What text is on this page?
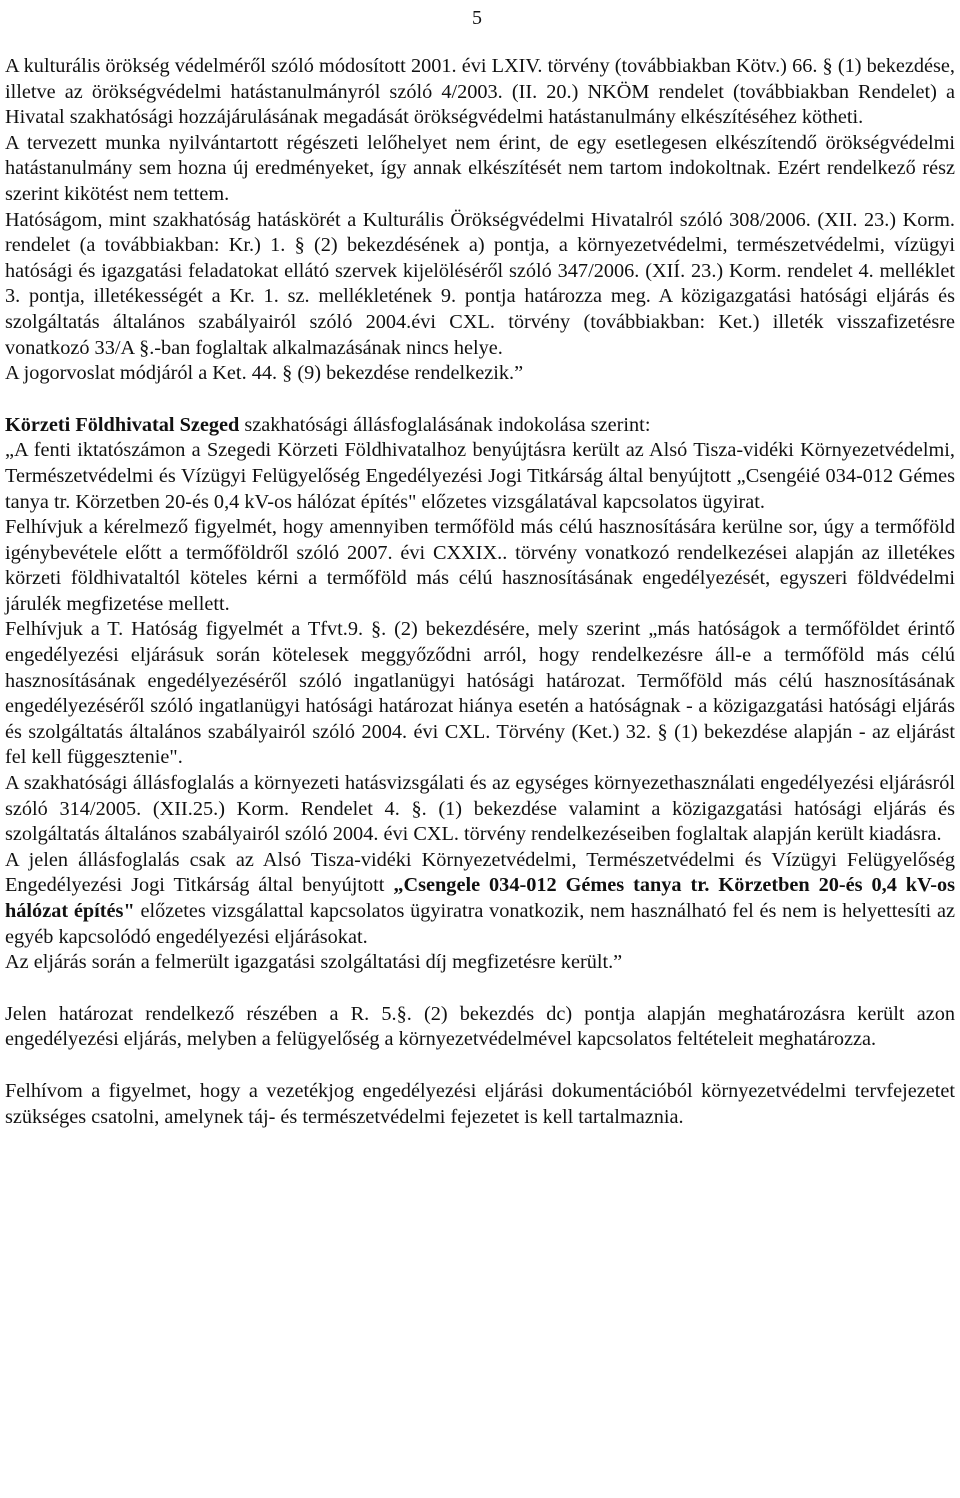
5

A kulturális örökség védelméről szóló módosított 2001. évi LXIV. törvény (továbbiakban Kötv.) 66. § (1) bekezdése, illetve az örökségvédelmi hatástanulmányról szóló 4/2003. (II. 20.) NKÖM rendelet (továbbiakban Rendelet) a Hivatal szakhatósági hozzájárulásának megadását örökségvédelmi hatástanulmány elkészítéséhez kötheti.

A tervezett munka nyilvántartott régészeti lelőhelyet nem érint, de egy esetlegesen elkészítendő örökségvédelmi hatástanulmány sem hozna új eredményeket, így annak elkészítését nem tartom indokoltnak. Ezért rendelkező rész szerint kikötést nem tettem.

Hatóságom, mint szakhatóság hatáskörét a Kulturális Örökségvédelmi Hivatalról szóló 308/2006. (XII. 23.) Korm. rendelet (a továbbiakban: Kr.) 1. § (2) bekezdésének a) pontja, a környezetvédelmi, természetvédelmi, vízügyi hatósági és igazgatási feladatokat ellátó szervek kijelöléséről szóló 347/2006. (XIÍ. 23.) Korm. rendelet 4. melléklet 3. pontja, illetékességét a Kr. 1. sz. mellékletének 9. pontja határozza meg. A közigazgatási hatósági eljárás és szolgáltatás általános szabályairól szóló 2004.évi CXL. törvény (továbbiakban: Ket.) illeték visszafizetésre vonatkozó 33/A §.-ban foglaltak alkalmazásának nincs helye.

A jogorvoslat módjáról a Ket. 44. § (9) bekezdése rendelkezik.”

Körzeti Földhivatal Szeged szakhatósági állásfoglalásának indokolása szerint:

„A fenti iktatószámon a Szegedi Körzeti Földhivatalhoz benyújtásra került az Alsó Tisza-vidéki Környezetvédelmi, Természetvédelmi és Vízügyi Felügyelőség Engedélyezési Jogi Titkárság által benyújtott „Csengéié 034-012 Gémes tanya tr. Körzetben 20-és 0,4 kV-os hálózat építés" előzetes vizsgálatával kapcsolatos ügyirat.

Felhívjuk a kérelmező figyelmét, hogy amennyiben termőföld más célú hasznosítására kerülne sor, úgy a termőföld igénybevétele előtt a termőföldről szóló 2007. évi CXXIX.. törvény vonatkozó rendelkezései alapján az illetékes körzeti földhivataltól köteles kérni a termőföld más célú hasznosításának engedélyezését, egyszeri földvédelmi járulék megfizetése mellett.

Felhívjuk a T. Hatóság figyelmét a Tfvt.9. §. (2) bekezdésére, mely szerint „más hatóságok a termőföldet érintő engedélyezési eljárásuk során kötelesek meggyőződni arról, hogy rendelkezésre áll-e a termőföld más célú hasznosításának engedélyezéséről szóló ingatlanügyi hatósági határozat. Termőföld más célú hasznosításának engedélyezéséről szóló ingatlanügyi hatósági határozat hiánya esetén a hatóságnak - a közigazgatási hatósági eljárás és szolgáltatás általános szabályairól szóló 2004. évi CXL. Törvény (Ket.) 32. § (1) bekezdése alapján - az eljárást fel kell függesztenie".

A szakhatósági állásfoglalás a környezeti hatásvizsgálati és az egységes környezethasználati engedélyezési eljárásról szóló 314/2005. (XII.25.) Korm. Rendelet 4. §. (1) bekezdése valamint a közigazgatási hatósági eljárás és szolgáltatás általános szabályairól szóló 2004. évi CXL. törvény rendelkezéseiben foglaltak alapján került kiadásra.

A jelen állásfoglalás csak az Alsó Tisza-vidéki Környezetvédelmi, Természetvédelmi és Vízügyi Felügyelőség Engedélyezési Jogi Titkárság által benyújtott „Csengele 034-012 Gémes tanya tr. Körzetben 20-és 0,4 kV-os hálózat építés" előzetes vizsgálattal kapcsolatos ügyiratra vonatkozik, nem használható fel és nem is helyettesíti az egyéb kapcsolódó engedélyezési eljárásokat.

Az eljárás során a felmerült igazgatási szolgáltatási díj megfizetésre került.”

Jelen határozat rendelkező részében a R. 5.§. (2) bekezdés dc) pontja alapján meghatározásra került azon engedélyezési eljárás, melyben a felügyelőség a környezetvédelmével kapcsolatos feltételeit meghatározza.

Felhívom a figyelmet, hogy a vezetékjog engedélyezési eljárási dokumentációból környezetvédelmi tervfejezetet szükséges csatolni, amelynek táj- és természetvédelmi fejezetet is kell tartalmaznia.
